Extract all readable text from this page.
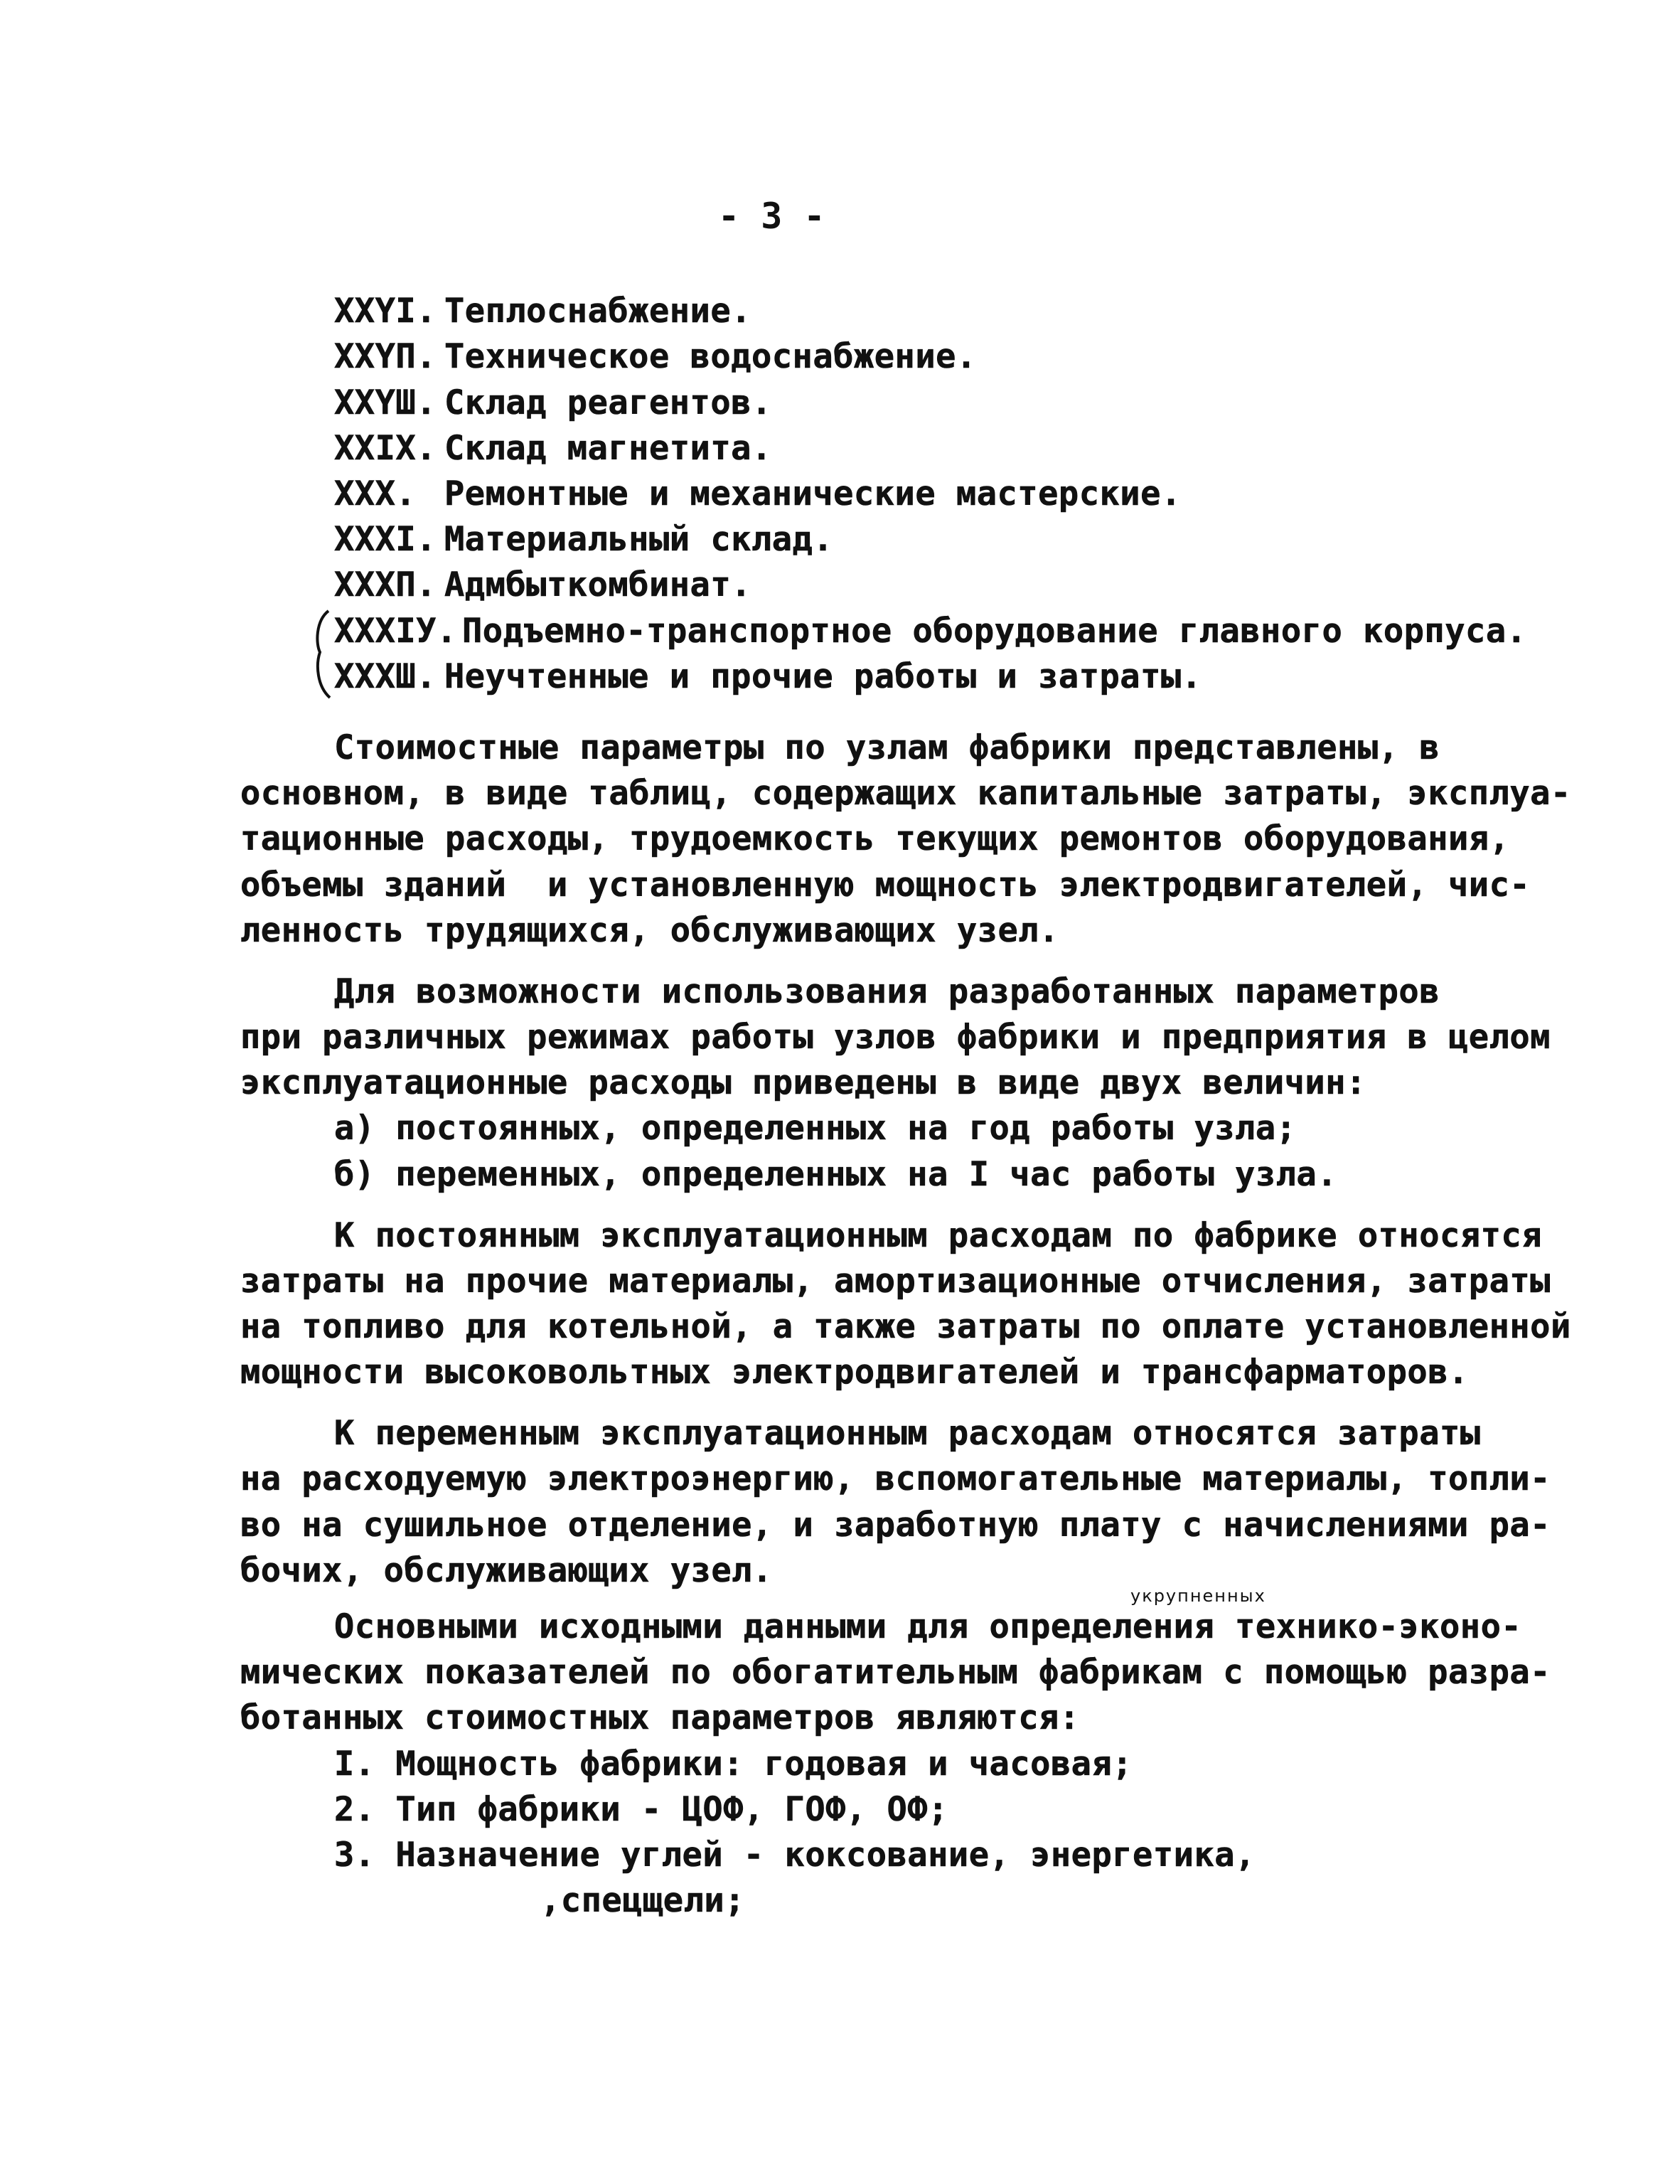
- 3 -
XXYI. Теплоснабжение.
XXYП. Техническое водоснабжение.
XXYШ. Склад реагентов.
XXIX. Склад магнетита.
XXX. Ремонтные и механические мастерские.
XXXI. Материальный склад.
XXXП. Адмбыткомбинат.
XXXIУ. Подъемно-транспортное оборудование главного корпуса.
XXXШ. Неучтенные и прочие работы и затраты.
Стоимостные параметры по узлам фабрики представлены, в
основном, в виде таблиц, содержащих капитальные затраты, эксплуа-
тационные расходы, трудоемкость текущих ремонтов оборудования,
объемы зданий  и установленную мощность электродвигателей, чис-
ленность трудящихся, обслуживающих узел.
Для возможности использования разработанных параметров
при различных режимах работы узлов фабрики и предприятия в целом
эксплуатационные расходы приведены в виде двух величин:
а) постоянных, определенных на год работы узла;
б) переменных, определенных на I час работы узла.
К постоянным эксплуатационным расходам по фабрике относятся
затраты на прочие материалы, амортизационные отчисления, затраты
на топливо для котельной, а также затраты по оплате установленной
мощности высоковольтных электродвигателей и трансфарматоров.
К переменным эксплуатационным расходам относятся затраты
на расходуемую электроэнергию, вспомогательные материалы, топли-
во на сушильное отделение, и заработную плату с начислениями ра-
бочих, обслуживающих узел.
укрупненных
Основными исходными данными для определения технико-эконо-
мических показателей по обогатительным фабрикам с помощью разра-
ботанных стоимостных параметров являются:
I. Мощность фабрики: годовая и часовая;
2. Тип фабрики - ЦОФ, ГОФ, ОФ;
3. Назначение углей - коксование, энергетика,
,спецщели;
